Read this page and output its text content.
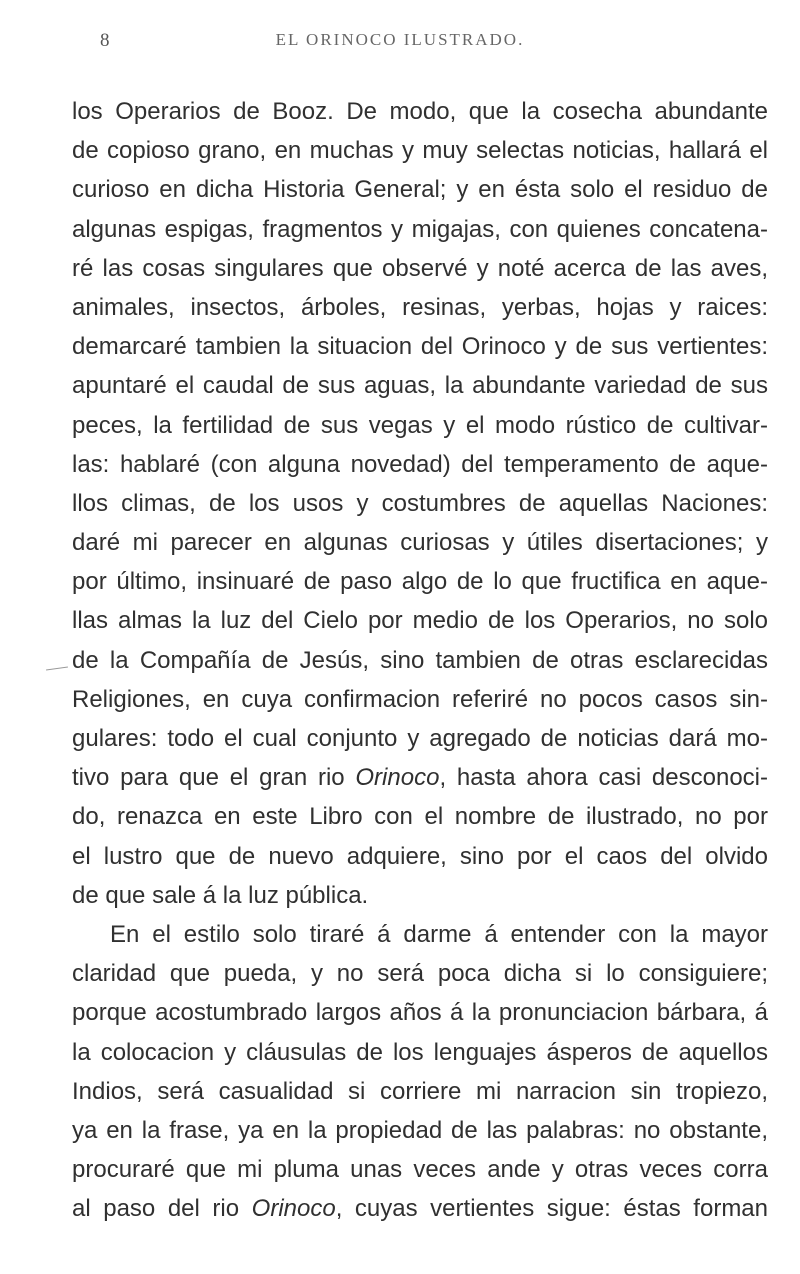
8	EL ORINOCO ILUSTRADO.
los Operarios de Booz. De modo, que la cosecha abundante
de copioso grano, en muchas y muy selectas noticias, hallará el
curioso en dicha Historia General; y en ésta solo el residuo de
algunas espigas, fragmentos y migajas, con quienes concatena-
ré las cosas singulares que observé y noté acerca de las aves,
animales, insectos, árboles, resinas, yerbas, hojas y raices:
demarcaré tambien la situacion del Orinoco y de sus vertientes:
apuntaré el caudal de sus aguas, la abundante variedad de sus
peces, la fertilidad de sus vegas y el modo rústico de cultivar-
las: hablaré (con alguna novedad) del temperamento de aque-
llos climas, de los usos y costumbres de aquellas Naciones:
daré mi parecer en algunas curiosas y útiles disertaciones; y
por último, insinuaré de paso algo de lo que fructifica en aque-
llas almas la luz del Cielo por medio de los Operarios, no solo
de la Compañía de Jesús, sino tambien de otras esclarecidas
Religiones, en cuya confirmacion referiré no pocos casos sin-
gulares: todo el cual conjunto y agregado de noticias dará mo-
tivo para que el gran rio Orinoco, hasta ahora casi desconoci-
do, renazca en este Libro con el nombre de ilustrado, no por
el lustro que de nuevo adquiere, sino por el caos del olvido
de que sale á la luz pública.
En el estilo solo tiraré á darme á entender con la mayor
claridad que pueda, y no será poca dicha si lo consiguiere;
porque acostumbrado largos años á la pronunciacion bárbara, á
la colocacion y cláusulas de los lenguajes ásperos de aquellos
Indios, será casualidad si corriere mi narracion sin tropiezo,
ya en la frase, ya en la propiedad de las palabras: no obstante,
procuraré que mi pluma unas veces ande y otras veces corra
al paso del rio Orinoco, cuyas vertientes sigue: éstas forman
